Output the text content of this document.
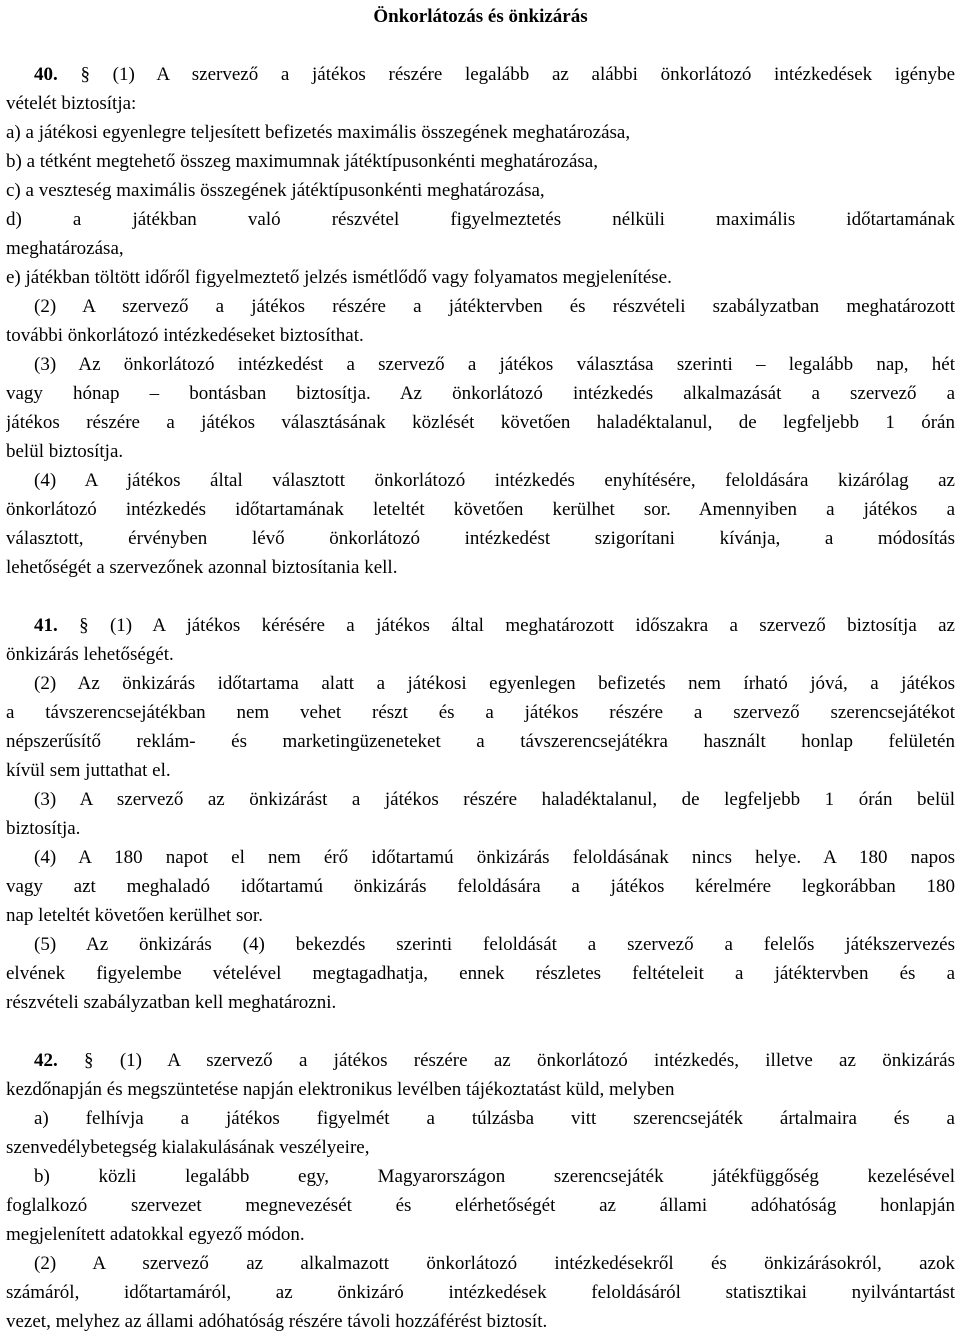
Önkorlátozás és önkizárás
40. § (1) A szervező a játékos részére legalább az alábbi önkorlátozó intézkedések igénybe
vételét biztosítja:
a) a játékosi egyenlegre teljesített befizetés maximális összegének meghatározása,
b) a tétként megtehető összeg maximumnak játéktípusonkénti meghatározása,
c) a veszteség maximális összegének játéktípusonkénti meghatározása,
d) a játékban való részvétel figyelmeztetés nélküli maximális időtartamának
meghatározása,
e) játékban töltött időről figyelmeztető jelzés ismétlődő vagy folyamatos megjelenítése.
(2) A szervező a játékos részére a játéktervben és részvételi szabályzatban meghatározott
további önkorlátozó intézkedéseket biztosíthat.
(3) Az önkorlátozó intézkedést a szervező a játékos választása szerinti – legalább nap, hét
vagy hónap – bontásban biztosítja. Az önkorlátozó intézkedés alkalmazását a szervező a
játékos részére a játékos választásának közlését követően haladéktalanul, de legfeljebb 1 órán
belül biztosítja.
(4) A játékos által választott önkorlátozó intézkedés enyhítésére, feloldására kizárólag az
önkorlátozó intézkedés időtartamának leteltét követően kerülhet sor. Amennyiben a játékos a
választott, érvényben lévő önkorlátozó intézkedést szigorítani kívánja, a módosítás
lehetőségét a szervezőnek azonnal biztosítania kell.
41. § (1) A játékos kérésére a játékos által meghatározott időszakra a szervező biztosítja az
önkizárás lehetőségét.
(2) Az önkizárás időtartama alatt a játékosi egyenlegen befizetés nem írható jóvá, a játékos
a távszerencsejátékban nem vehet részt és a játékos részére a szervező szerencsejátékot
népszerűsítő reklám- és marketingüzeneteket a távszerencsejátékra használt honlap felületén
kívül sem juttathat el.
(3) A szervező az önkizárást a játékos részére haladéktalanul, de legfeljebb 1 órán belül
biztosítja.
(4) A 180 napot el nem érő időtartamú önkizárás feloldásának nincs helye. A 180 napos
vagy azt meghaladó időtartamú önkizárás feloldására a játékos kérelmére legkorábban 180
nap leteltét követően kerülhet sor.
(5) Az önkizárás (4) bekezdés szerinti feloldását a szervező a felelős játékszervezés
elvének figyelembe vételével megtagadhatja, ennek részletes feltételeit a játéktervben és a
részvételi szabályzatban kell meghatározni.
42. § (1) A szervező a játékos részére az önkorlátozó intézkedés, illetve az önkizárás
kezdőnapján és megszüntetése napján elektronikus levélben tájékoztatást küld, melyben
a) felhívja a játékos figyelmét a túlzásba vitt szerencsejáték ártalmaira és a
szenvedélybetegség kialakulásának veszélyeire,
b) közli legalább egy, Magyarországon szerencsejáték játékfüggőség kezelésével
foglalkozó szervezet megnevezését és elérhetőségét az állami adóhatóság honlapján
megjelenített adatokkal egyező módon.
(2) A szervező az alkalmazott önkorlátozó intézkedésekről és önkizárásokról, azok
számáról, időtartamáról, az önkizáró intézkedések feloldásáról statisztikai nyilvántartást
vezet, melyhez az állami adóhatóság részére távoli hozzáférést biztosít.
